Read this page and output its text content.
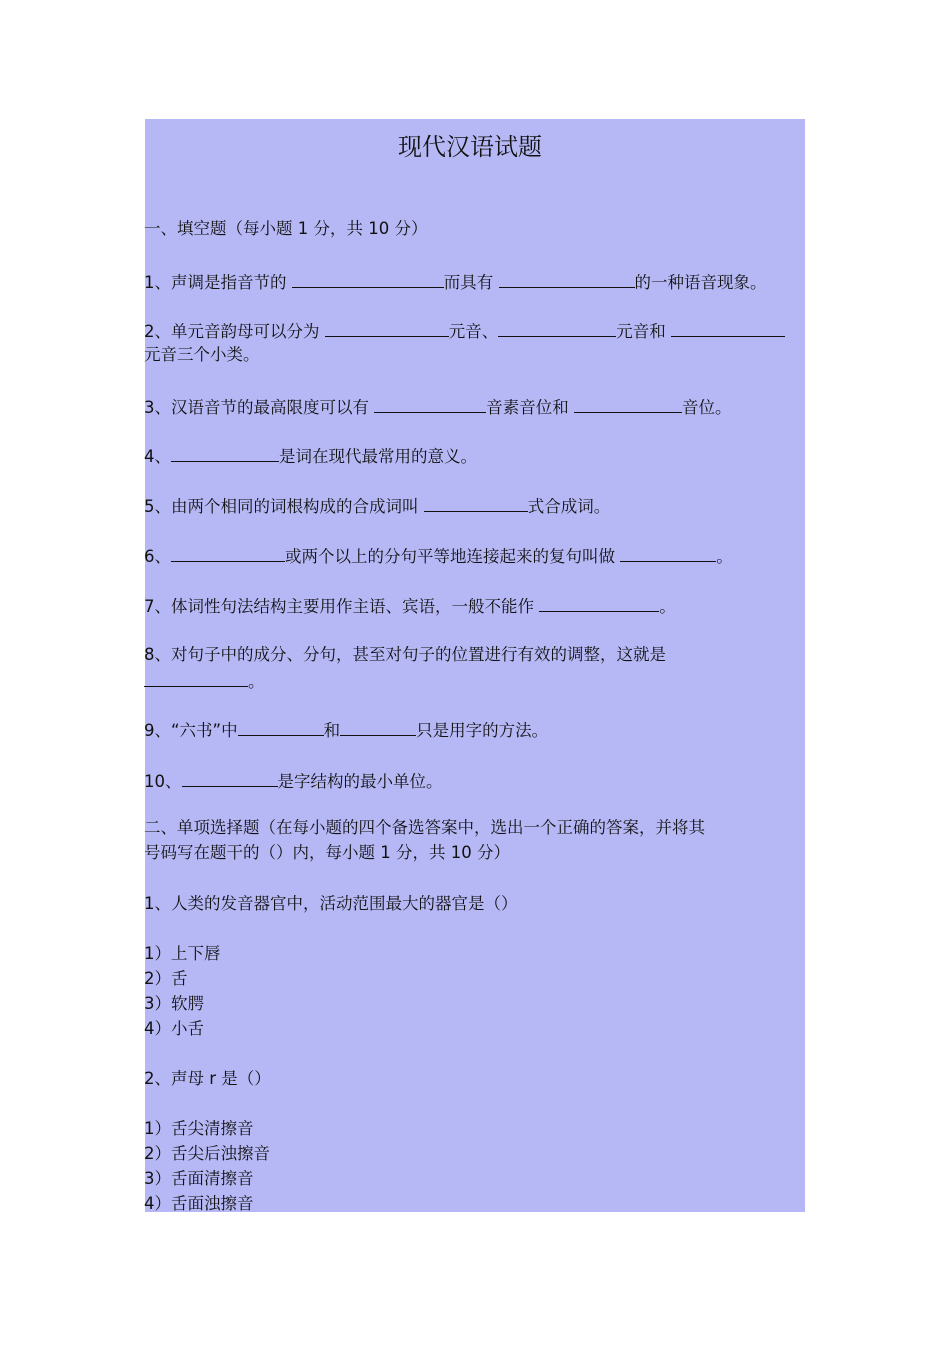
现代汉语试题
一、填空题（每小题 1 分，共 10 分）
1、声调是指音节的	而具有	的一种语音现象。
2、单元音韵母可以分为	元音、	元音和
元音三个小类。
3、汉语音节的最高限度可以有	音素音位和	音位。
4、	是词在现代最常用的意义。
5、由两个相同的词根构成的合成词叫	式合成词。
6、	或两个以上的分句平等地连接起来的复句叫做	。
7、体词性句法结构主要用作主语、宾语，一般不能作	。
8、对句子中的成分、分句，甚至对句子的位置进行有效的调整，这就是
。
9、“六书”中	和	只是用字的方法。
10、	是字结构的最小单位。
二、单项选择题（在每小题的四个备选答案中，选出一个正确的答案，并将其
号码写在题干的（）内，每小题 1 分，共 10 分）
1、人类的发音器官中，活动范围最大的器官是（）
1）上下唇
2）舌
3）软腭
4）小舌
2、声母 r 是（）
1）舌尖清擦音
2）舌尖后浊擦音
3）舌面清擦音
4）舌面浊擦音
